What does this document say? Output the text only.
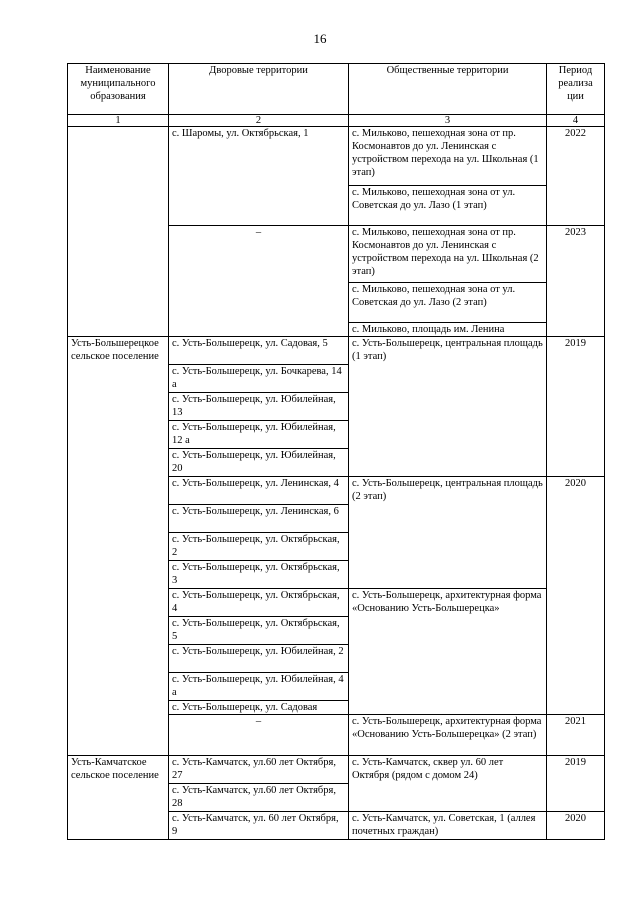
16
Наименование муниципального образования	Дворовые территории	Общественные территории	Период реализа ции
1	2	3	4
	с. Шаромы, ул. Октябрьская, 1	с. Мильково, пешеходная зона от пр. Космонавтов до ул. Ленинская с устройством перехода на ул. Школьная (1 этап)	2022
		с. Мильково, пешеходная зона от ул. Советская до ул. Лазо (1 этап)	
	–	с. Мильково, пешеходная зона от пр. Космонавтов до ул. Ленинская с устройством перехода на ул. Школьная (2 этап)	2023
		с. Мильково, пешеходная зона от ул. Советская до ул. Лазо (2 этап)	
		с. Мильково, площадь им. Ленина	
Усть-Большерецкое сельское поселение	с. Усть-Большерецк, ул. Садовая, 5	с. Усть-Большерецк, центральная площадь (1 этап)	2019
	с. Усть-Большерецк, ул. Бочкарева, 14 а		
	с. Усть-Большерецк, ул. Юбилейная, 13		
	с. Усть-Большерецк, ул. Юбилейная, 12 а		
	с. Усть-Большерецк, ул. Юбилейная, 20		
	с. Усть-Большерецк, ул. Ленинская, 4	с. Усть-Большерецк, центральная площадь (2 этап)	2020
	с. Усть-Большерецк, ул. Ленинская, 6		
	с. Усть-Большерецк, ул. Октябрьская, 2		
	с. Усть-Большерецк, ул. Октябрьская, 3		
	с. Усть-Большерецк, ул. Октябрьская, 4	с. Усть-Большерецк, архитектурная форма «Основанию Усть-Большерецка»	
	с. Усть-Большерецк, ул. Октябрьская, 5		
	с. Усть-Большерецк, ул. Юбилейная, 2		
	с. Усть-Большерецк, ул. Юбилейная, 4 а		
	с. Усть-Большерецк, ул. Садовая		
	–	с. Усть-Большерецк, архитектурная форма «Основанию Усть-Большерецка» (2 этап)	2021
Усть-Камчатское сельское поселение	с. Усть-Камчатск, ул.60 лет Октября, 27	с. Усть-Камчатск, сквер ул. 60 лет Октября (рядом с домом 24)	2019
	с. Усть-Камчатск, ул.60 лет Октября, 28		
	с. Усть-Камчатск, ул. 60 лет Октября, 9	с. Усть-Камчатск, ул. Советская, 1 (аллея почетных граждан)	2020
